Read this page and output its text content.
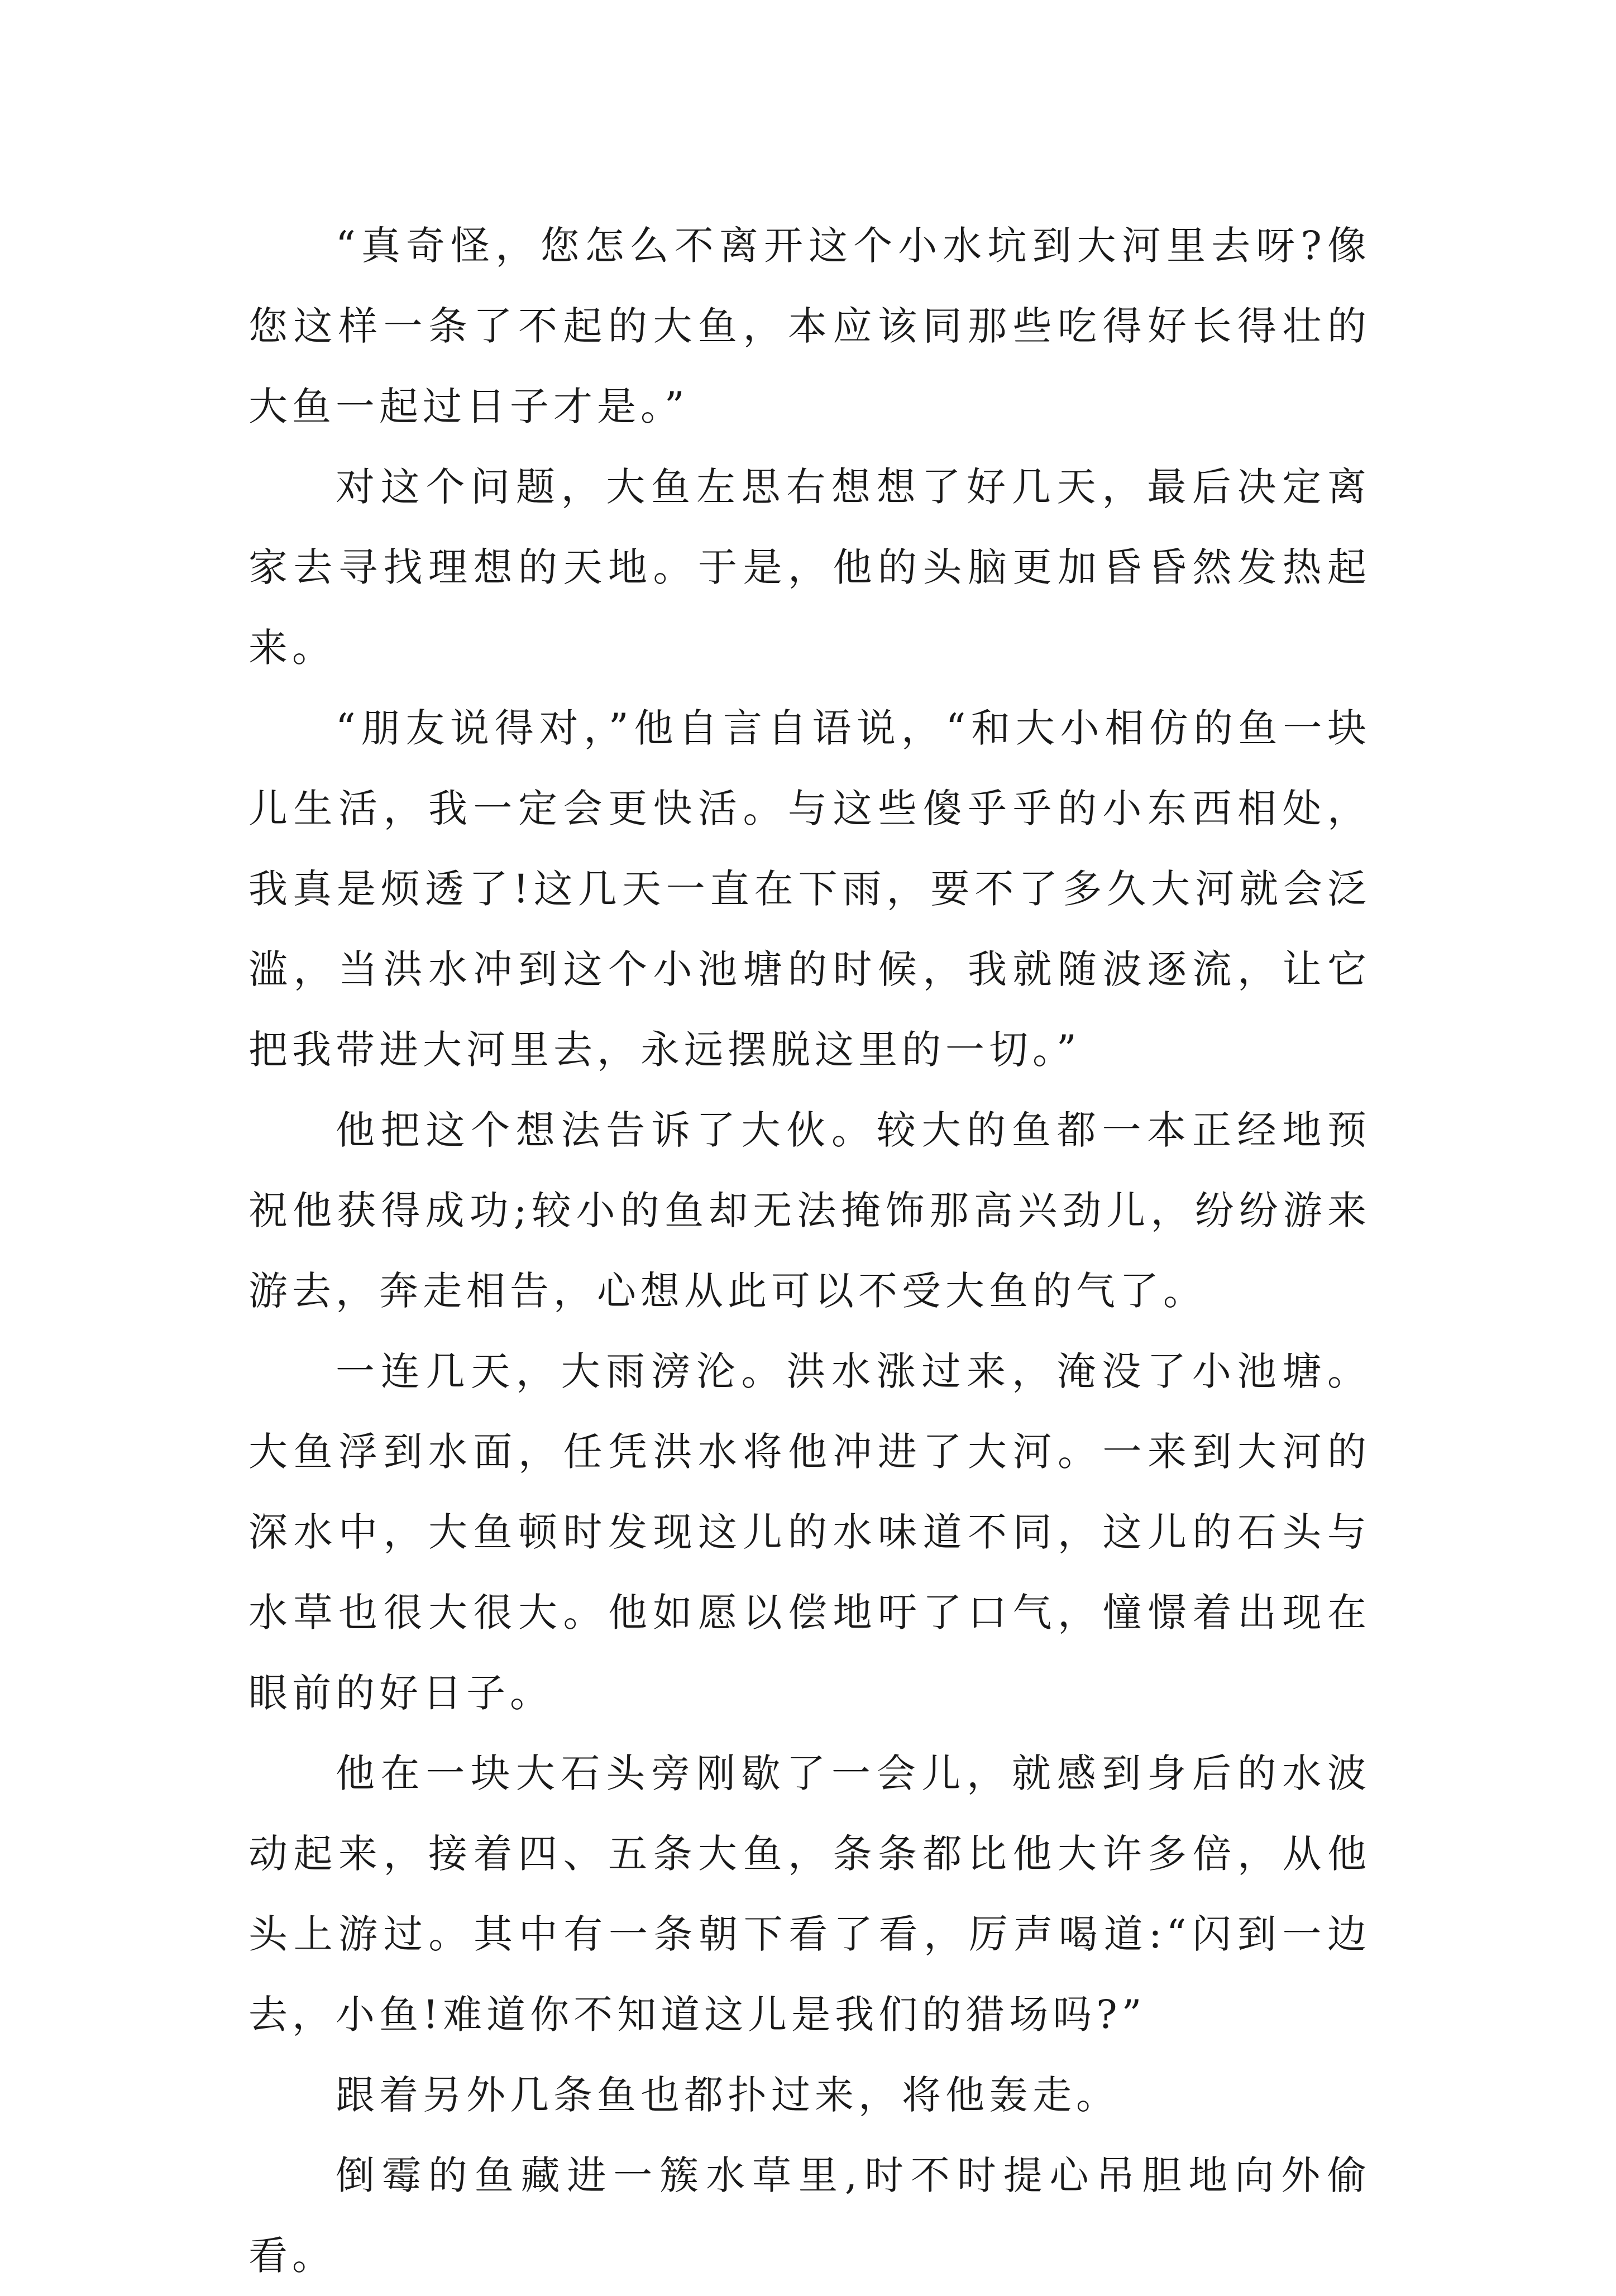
“真奇怪，您怎么不离开这个小水坑到大河里去呀?像您这样一条了不起的大鱼，本应该同那些吃得好长得壮的大鱼一起过日子才是。”

对这个问题，大鱼左思右想想了好几天，最后决定离家去寻找理想的天地。于是，他的头脑更加昏昏然发热起来。

“朋友说得对，”他自言自语说，“和大小相仿的鱼一块儿生活，我一定会更快活。与这些傻乎乎的小东西相处，我真是烦透了!这几天一直在下雨，要不了多久大河就会泛滥，当洪水冲到这个小池塘的时候，我就随波逐流，让它把我带进大河里去，永远摆脱这里的一切。”

他把这个想法告诉了大伙。较大的鱼都一本正经地预祝他获得成功;较小的鱼却无法掩饰那高兴劲儿，纷纷游来游去，奔走相告，心想从此可以不受大鱼的气了。

一连几天，大雨滂沦。洪水涨过来，淹没了小池塘。大鱼浮到水面，任凭洪水将他冲进了大河。一来到大河的深水中，大鱼顿时发现这儿的水味道不同，这儿的石头与水草也很大很大。他如愿以偿地吁了口气，憧憬着出现在眼前的好日子。

他在一块大石头旁刚歇了一会儿，就感到身后的水波动起来，接着四、五条大鱼，条条都比他大许多倍，从他头上游过。其中有一条朝下看了看，厉声喝道:“闪到一边去，小鱼!难道你不知道这儿是我们的猎场吗?”

跟着另外几条鱼也都扑过来，将他轰走。

倒霉的鱼藏进一簇水草里,时不时提心吊胆地向外偷看。
